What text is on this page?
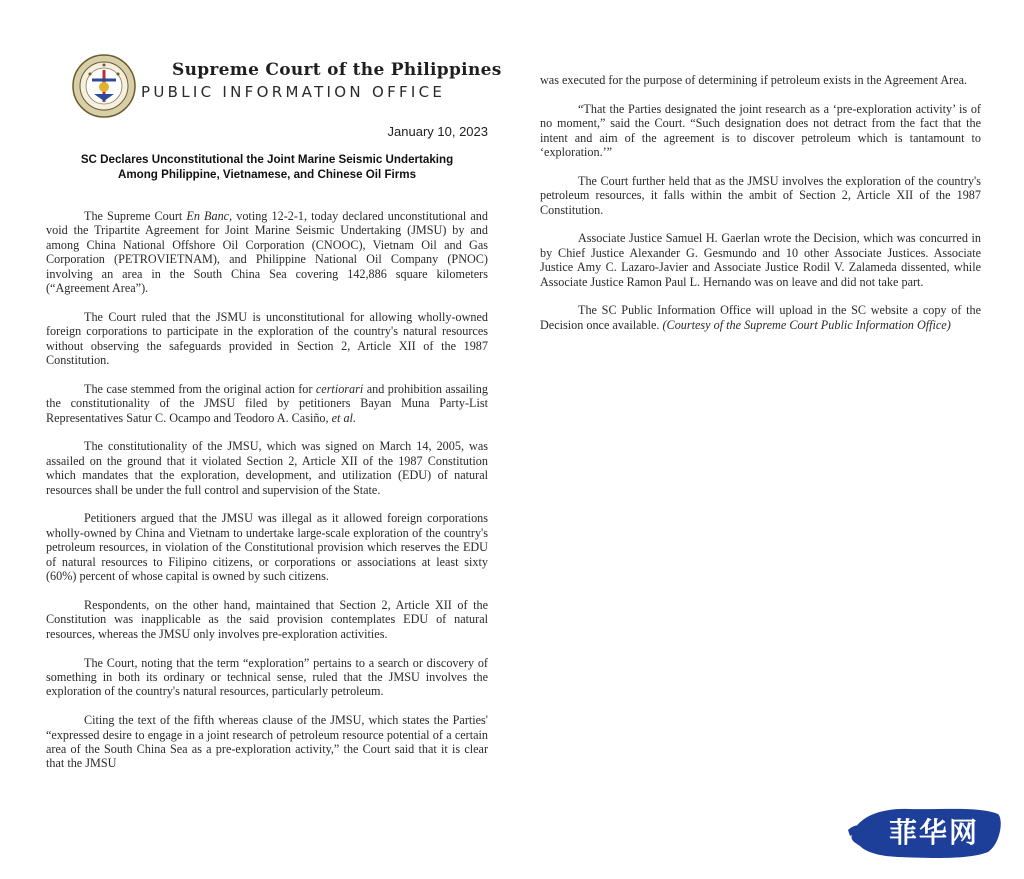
Supreme Court of the Philippines
PUBLIC INFORMATION OFFICE
January 10, 2023
SC Declares Unconstitutional the Joint Marine Seismic Undertaking
Among Philippine, Vietnamese, and Chinese Oil Firms

The Supreme Court En Banc, voting 12-2-1, today declared unconstitutional and void the Tripartite Agreement for Joint Marine Seismic Undertaking (JMSU) by and among China National Offshore Oil Corporation (CNOOC), Vietnam Oil and Gas Corporation (PETROVIETNAM), and Philippine National Oil Company (PNOC) involving an area in the South China Sea covering 142,886 square kilometers (“Agreement Area”).

The Court ruled that the JSMU is unconstitutional for allowing wholly-owned foreign corporations to participate in the exploration of the country's natural resources without observing the safeguards provided in Section 2, Article XII of the 1987 Constitution.

The case stemmed from the original action for certiorari and prohibition assailing the constitutionality of the JMSU filed by petitioners Bayan Muna Party-List Representatives Satur C. Ocampo and Teodoro A. Casiño, et al.

The constitutionality of the JMSU, which was signed on March 14, 2005, was assailed on the ground that it violated Section 2, Article XII of the 1987 Constitution which mandates that the exploration, development, and utilization (EDU) of natural resources shall be under the full control and supervision of the State.

Petitioners argued that the JMSU was illegal as it allowed foreign corporations wholly-owned by China and Vietnam to undertake large-scale exploration of the country's petroleum resources, in violation of the Constitutional provision which reserves the EDU of natural resources to Filipino citizens, or corporations or associations at least sixty (60%) percent of whose capital is owned by such citizens.

Respondents, on the other hand, maintained that Section 2, Article XII of the Constitution was inapplicable as the said provision contemplates EDU of natural resources, whereas the JMSU only involves pre-exploration activities.

The Court, noting that the term “exploration” pertains to a search or discovery of something in both its ordinary or technical sense, ruled that the JMSU involves the exploration of the country's natural resources, particularly petroleum.

Citing the text of the fifth whereas clause of the JMSU, which states the Parties' “expressed desire to engage in a joint research of petroleum resource potential of a certain area of the South China Sea as a pre-exploration activity,” the Court said that it is clear that the JMSU

was executed for the purpose of determining if petroleum exists in the Agreement Area.

“That the Parties designated the joint research as a ‘pre-exploration activity’ is of no moment,” said the Court. “Such designation does not detract from the fact that the intent and aim of the agreement is to discover petroleum which is tantamount to ‘exploration.’”

The Court further held that as the JMSU involves the exploration of the country's petroleum resources, it falls within the ambit of Section 2, Article XII of the 1987 Constitution.

Associate Justice Samuel H. Gaerlan wrote the Decision, which was concurred in by Chief Justice Alexander G. Gesmundo and 10 other Associate Justices. Associate Justice Amy C. Lazaro-Javier and Associate Justice Rodil V. Zalameda dissented, while Associate Justice Ramon Paul L. Hernando was on leave and did not take part.

The SC Public Information Office will upload in the SC website a copy of the Decision once available. (Courtesy of the Supreme Court Public Information Office)

菲华网
